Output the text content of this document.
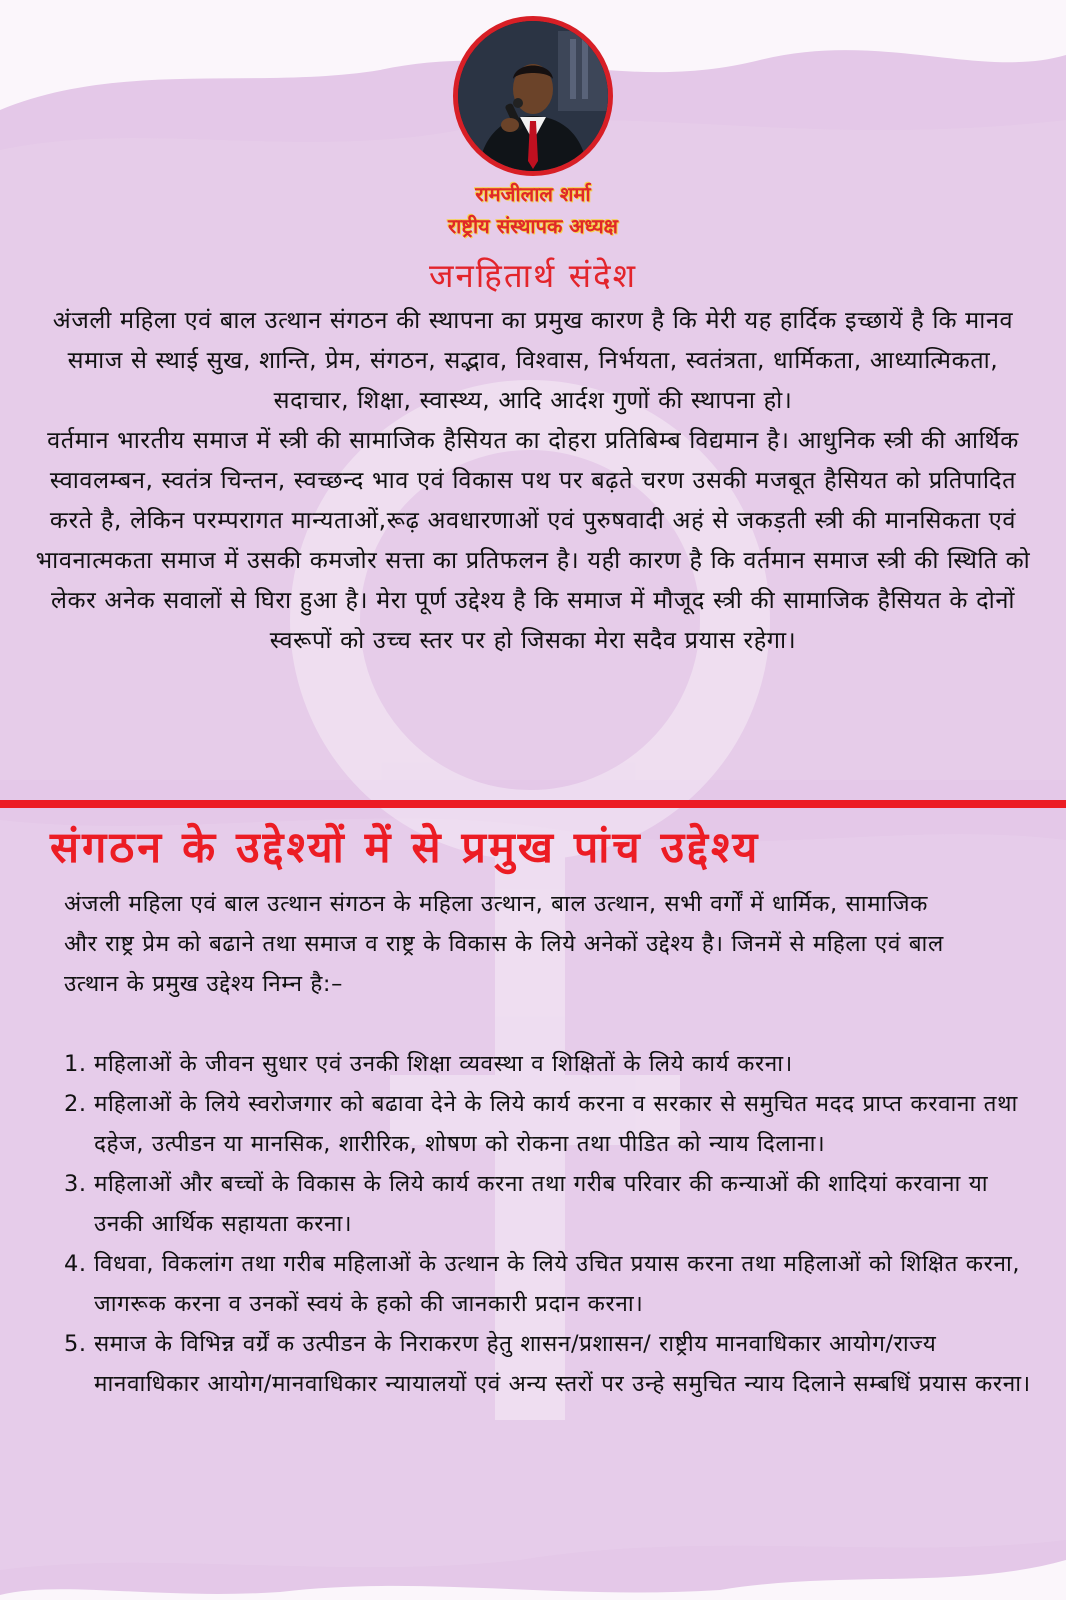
रामजीलाल शर्मा
राष्ट्रीय संस्थापक अध्यक्ष
जनहितार्थ संदेश

अंजली महिला एवं बाल उत्थान संगठन की स्थापना का प्रमुख कारण है कि मेरी यह हार्दिक इच्छायें है कि मानव समाज से स्थाई सुख, शान्ति, प्रेम, संगठन, सद्भाव, विश्वास, निर्भयता, स्वतंत्रता, धार्मिकता, आध्यात्मिकता, सदाचार, शिक्षा, स्वास्थ्य, आदि आर्दश गुणों की स्थापना हो।

वर्तमान भारतीय समाज में स्त्री की सामाजिक हैसियत का दोहरा प्रतिबिम्ब विद्यमान है। आधुनिक स्त्री की आर्थिक स्वावलम्बन, स्वतंत्र चिन्तन, स्वच्छन्द भाव एवं विकास पथ पर बढ़ते चरण उसकी मजबूत हैसियत को प्रतिपादित करते है, लेकिन परम्परागत मान्यताओं,रूढ़ अवधारणाओं एवं पुरुषवादी अहं से जकड़ती स्त्री की मानसिकता एवं भावनात्मकता समाज में उसकी कमजोर सत्ता का प्रतिफलन है। यही कारण है कि वर्तमान समाज स्त्री की स्थिति को लेकर अनेक सवालों से घिरा हुआ है। मेरा पूर्ण उद्देश्य है कि समाज में मौजूद स्त्री की सामाजिक हैसियत के दोनों स्वरूपों को उच्च स्तर पर हो जिसका मेरा सदैव प्रयास रहेगा।

संगठन के उद्देश्यों में से प्रमुख पांच उद्देश्य
अंजली महिला एवं बाल उत्थान संगठन के महिला उत्थान, बाल उत्थान, सभी वर्गों में धार्मिक, सामाजिक और राष्ट्र प्रेम को बढाने तथा समाज व राष्ट्र के विकास के लिये अनेकों उद्देश्य है। जिनमें से महिला एवं बाल उत्थान के प्रमुख उद्देश्य निम्न है:–
1. महिलाओं के जीवन सुधार एवं उनकी शिक्षा व्यवस्था व शिक्षितों के लिये कार्य करना।
2. महिलाओं के लिये स्वरोजगार को बढावा देने के लिये कार्य करना व सरकार से समुचित मदद प्राप्त करवाना तथा दहेज, उत्पीडन या मानसिक, शारीरिक, शोषण को रोकना तथा पीडित को न्याय दिलाना।
3. महिलाओं और बच्चों के विकास के लिये कार्य करना तथा गरीब परिवार की कन्याओं की शादियां करवाना या उनकी आर्थिक सहायता करना।
4. विधवा, विकलांग तथा गरीब महिलाओं के उत्थान के लिये उचित प्रयास करना तथा महिलाओं को शिक्षित करना, जागरूक करना व उनकों स्वयं के हको की जानकारी प्रदान करना।
5. समाज के विभिन्न वर्ग्रें क उत्पीडन के निराकरण हेतु शासन/प्रशासन/ राष्ट्रीय मानवाधिकार आयोग/राज्य मानवाधिकार आयोग/मानवाधिकार न्यायालयों एवं अन्य स्तरों पर उन्हे समुचित न्याय दिलाने सम्बधिं प्रयास करना।
